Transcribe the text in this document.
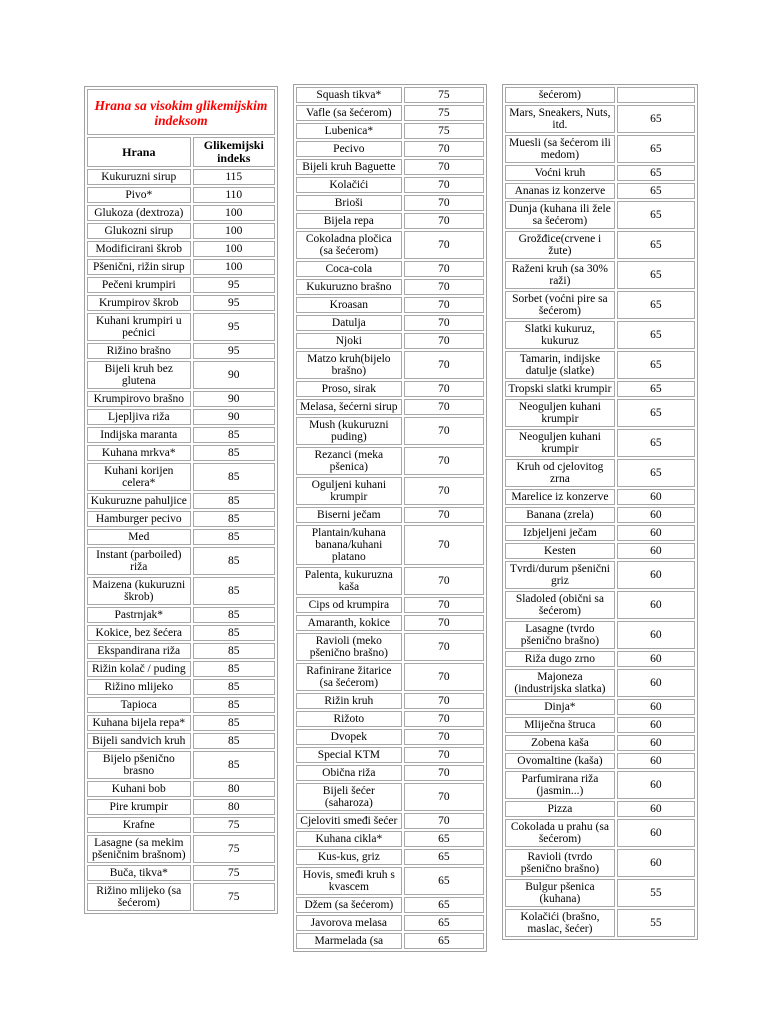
Hrana sa visokim glikemijskim indeksom	
Hrana	Glikemijski indeks
Kukuruzni sirup	115
Pivo*	110
Glukoza (dextroza)	100
Glukozni sirup	100
Modificirani škrob	100
Pšenični, rižin sirup	100
Pečeni krumpiri	95
Krumpirov škrob	95
Kuhani krumpiri u pećnici	95
Rižino brašno	95
Bijeli kruh bez glutena	90
Krumpirovo brašno	90
Ljepljiva riža	90
Indijska maranta	85
Kuhana mrkva*	85
Kuhani korijen celera*	85
Kukuruzne pahuljice	85
Hamburger pecivo	85
Med	85
Instant (parboiled) riža	85
Maizena (kukuruzni škrob)	85
Pastrnjak*	85
Kokice, bez šećera	85
Ekspandirana riža	85
Rižin kolač / puding	85
Rižino mlijeko	85
Tapioca	85
Kuhana bijela repa*	85
Bijeli sandvich kruh	85
Bijelo pšenično brasno	85
Kuhani bob	80
Pire krumpir	80
Krafne	75
Lasagne (sa mekim pšeničnim brašnom)	75
Buča, tikva*	75
Rižino mlijeko (sa šećerom)	75
Squash tikva*	75
Vafle (sa šećerom)	75
Lubenica*	75
Pecivo	70
Bijeli kruh Baguette	70
Kolačići	70
Brioši	70
Bijela repa	70
Cokoladna pločica (sa šećerom)	70
Coca-cola	70
Kukuruzno brašno	70
Kroasan	70
Datulja	70
Njoki	70
Matzo kruh(bijelo brašno)	70
Proso, sirak	70
Melasa, šećerni sirup	70
Mush (kukuruzni puding)	70
Rezanci (meka pšenica)	70
Oguljeni kuhani krumpir	70
Biserni ječam	70
Plantain/kuhana banana/kuhani platano	70
Palenta, kukuruzna kaša	70
Cips od krumpira	70
Amaranth, kokice	70
Ravioli (meko pšenično brašno)	70
Rafinirane žitarice (sa šećerom)	70
Rižin kruh	70
Rižoto	70
Dvopek	70
Special KTM	70
Obična riža	70
Bijeli šećer (saharoza)	70
Cjeloviti smeđi šećer	70
Kuhana cikla*	65
Kus-kus, griz	65
Hovis, smeđi kruh s kvascem	65
Džem (sa šećerom)	65
Javorova melasa	65
Marmelada (sa	65
šećerom)	
Mars, Sneakers, Nuts, itd.	65
Muesli (sa šećerom ili medom)	65
Voćni kruh	65
Ananas iz konzerve	65
Dunja (kuhana ili žele sa šećerom)	65
Grožđice(crvene i žute)	65
Raženi kruh (sa 30% raži)	65
Sorbet (voćni pire sa šećerom)	65
Slatki kukuruz, kukuruz	65
Tamarin, indijske datulje (slatke)	65
Tropski slatki krumpir	65
Neoguljen kuhani krumpir	65
Neoguljen kuhani krumpir	65
Kruh od cjelovitog zrna	65
Marelice iz konzerve	60
Banana (zrela)	60
Izbjeljeni ječam	60
Kesten	60
Tvrdi/durum pšenični griz	60
Sladoled (obični sa šećerom)	60
Lasagne (tvrdo pšenično brašno)	60
Riža dugo zrno	60
Majoneza (industrijska slatka)	60
Dinja*	60
Mliječna štruca	60
Zobena kaša	60
Ovomaltine (kaša)	60
Parfumirana riža (jasmin...)	60
Pizza	60
Cokolada u prahu (sa šećerom)	60
Ravioli (tvrdo pšenično brašno)	60
Bulgur pšenica (kuhana)	55
Kolačići (brašno, maslac, šećer)	55
